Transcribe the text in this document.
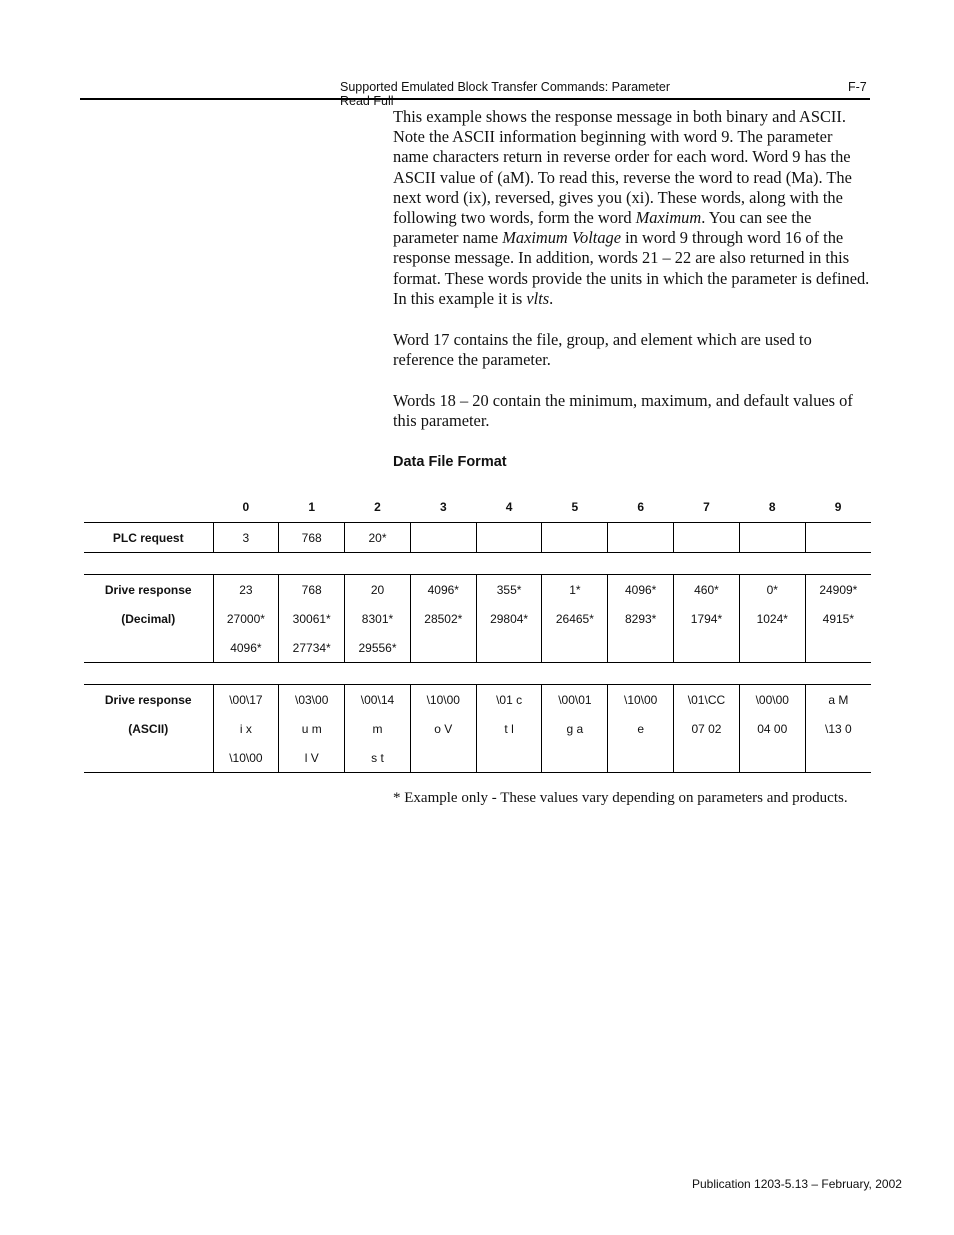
Supported Emulated Block Transfer Commands: Parameter Read Full
F-7
This example shows the response message in both binary and ASCII. Note the ASCII information beginning with word 9. The parameter name characters return in reverse order for each word. Word 9 has the ASCII value of (aM). To read this, reverse the word to read (Ma). The next word (ix), reversed, gives you (xi). These words, along with the following two words, form the word Maximum. You can see the parameter name Maximum Voltage in word 9 through word 16 of the response message. In addition, words 21 – 22 are also returned in this format. These words provide the units in which the parameter is defined. In this example it is vlts.
Word 17 contains the file, group, and element which are used to reference the parameter.
Words 18 – 20 contain the minimum, maximum, and default values of this parameter.
Data File Format
	0	1	2	3	4	5	6	7	8	9
PLC request	3	768	20*							

Drive response	23	768	20	4096*	355*	1*	4096*	460*	0*	24909*
(Decimal)	27000*	30061*	8301*	28502*	29804*	26465*	8293*	1794*	1024*	4915*
	4096*	27734*	29556*							

Drive response	\00\17	\03\00	\00\14	\10\00	\01 c	\00\01	\10\00	\01\CC	\00\00	a M
(ASCII)	i x	u m	m	o V	t l	g a	e	07 02	04 00	\13 0
	\10\00	l V	s t							
* Example only - These values vary depending on parameters and products.
Publication 1203-5.13 – February, 2002
